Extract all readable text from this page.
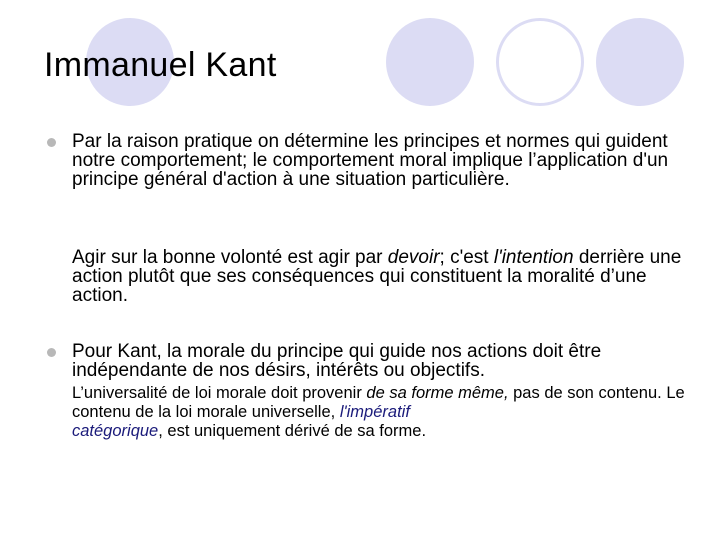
Immanuel Kant

Par la raison pratique on détermine les principes et normes qui guident notre comportement; le comportement moral implique l’application d'un principe général d'action à une situation particulière.

Agir sur la bonne volonté est agir par devoir; c'est l'intention derrière une action plutôt que ses conséquences qui constituent la moralité d’une action.

Pour Kant, la morale du principe qui guide nos actions doit être indépendante de nos désirs, intérêts ou objectifs.

L’universalité de loi morale doit provenir de sa forme même, pas de son contenu. Le contenu de la loi morale universelle, l'impératif
catégorique, est uniquement dérivé de sa forme.
